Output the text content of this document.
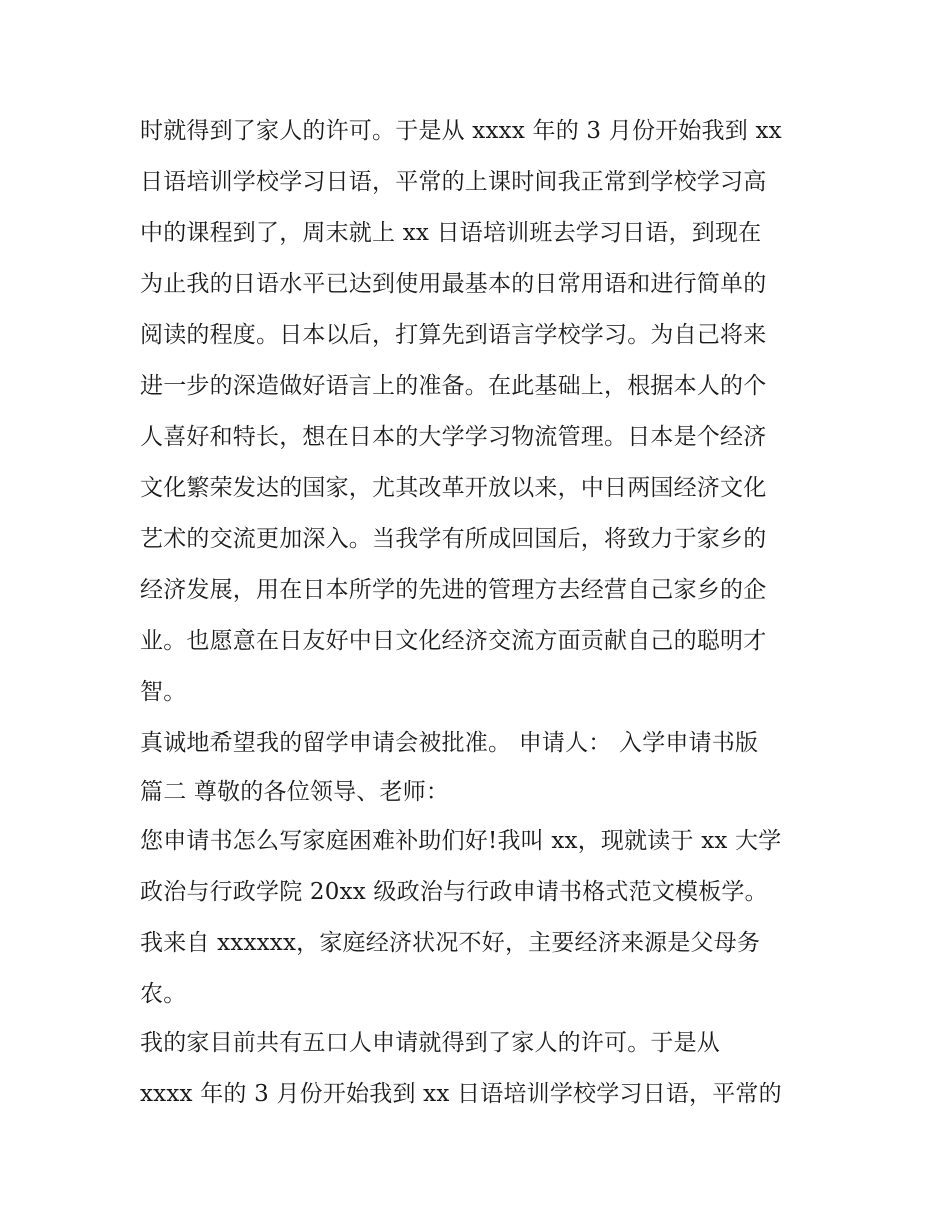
时就得到了家人的许可。于是从 xxxx 年的 3 月份开始我到 xx
日语培训学校学习日语，平常的上课时间我正常到学校学习高
中的课程到了，周末就上 xx 日语培训班去学习日语，到现在
为止我的日语水平已达到使用最基本的日常用语和进行简单的
阅读的程度。日本以后，打算先到语言学校学习。为自己将来
进一步的深造做好语言上的准备。在此基础上，根据本人的个
人喜好和特长，想在日本的大学学习物流管理。日本是个经济
文化繁荣发达的国家，尤其改革开放以来，中日两国经济文化
艺术的交流更加深入。当我学有所成回国后，将致力于家乡的
经济发展，用在日本所学的先进的管理方去经营自己家乡的企
业。也愿意在日友好中日文化经济交流方面贡献自己的聪明才
智。
真诚地希望我的留学申请会被批准。 申请人： 入学申请书版
篇二 尊敬的各位领导、老师：
您申请书怎么写家庭困难补助们好!我叫 xx，现就读于 xx 大学
政治与行政学院 20xx 级政治与行政申请书格式范文模板学。
我来自 xxxxxx，家庭经济状况不好，主要经济来源是父母务
农。
我的家目前共有五口人申请就得到了家人的许可。于是从
xxxx 年的 3 月份开始我到 xx 日语培训学校学习日语，平常的
